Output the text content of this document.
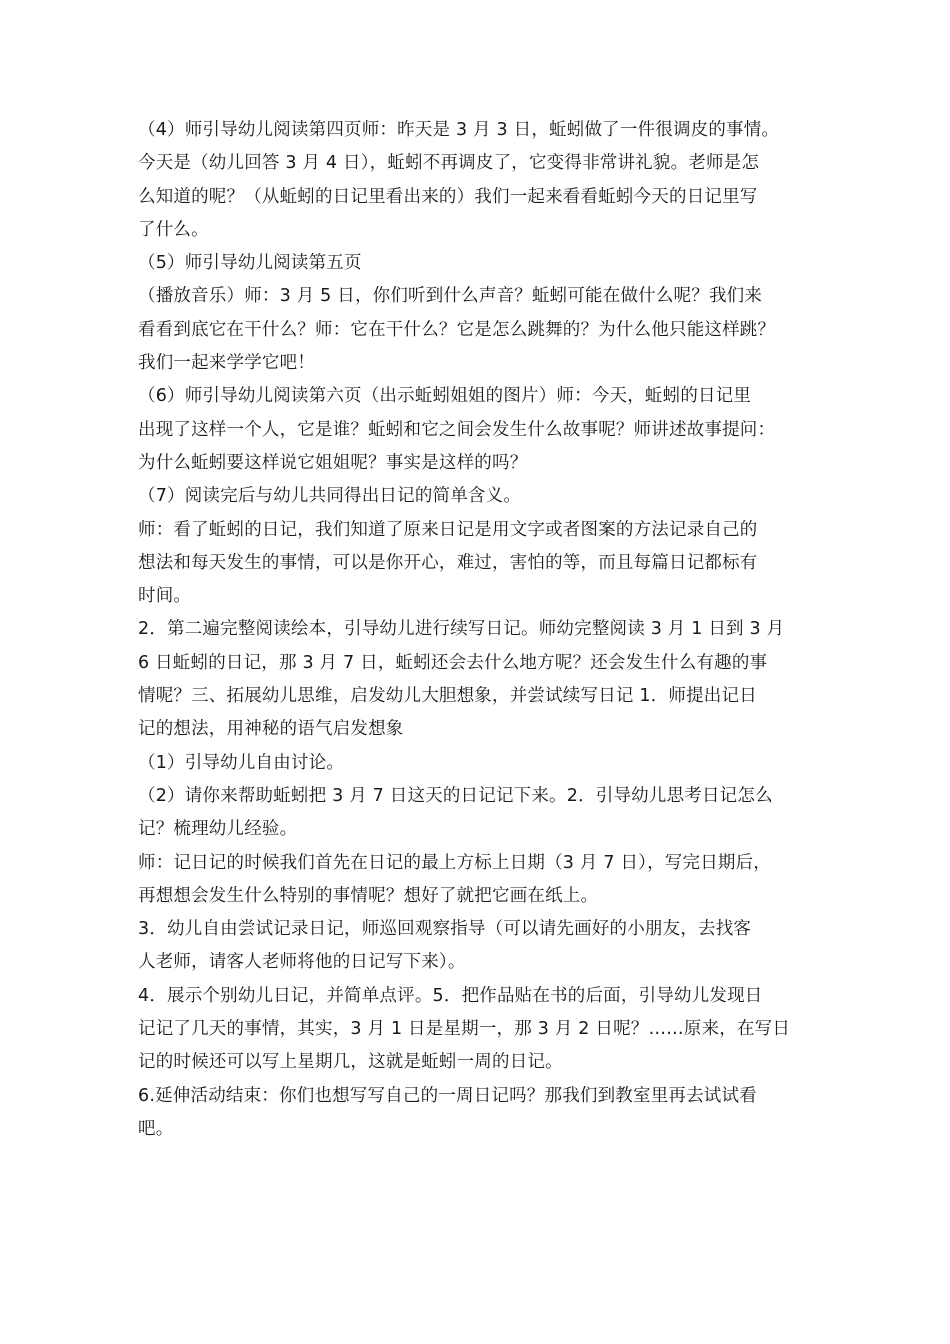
（4）师引导幼儿阅读第四页师：昨天是 3 月 3 日，蚯蚓做了一件很调皮的事情。
今天是（幼儿回答 3 月 4 日），蚯蚓不再调皮了，它变得非常讲礼貌。老师是怎
么知道的呢？（从蚯蚓的日记里看出来的）我们一起来看看蚯蚓今天的日记里写
了什么。
（5）师引导幼儿阅读第五页
（播放音乐）师：3 月 5 日，你们听到什么声音？蚯蚓可能在做什么呢？我们来
看看到底它在干什么？师：它在干什么？它是怎么跳舞的？为什么他只能这样跳？
我们一起来学学它吧！
（6）师引导幼儿阅读第六页（出示蚯蚓姐姐的图片）师：今天，蚯蚓的日记里
出现了这样一个人，它是谁？蚯蚓和它之间会发生什么故事呢？师讲述故事提问：
为什么蚯蚓要这样说它姐姐呢？事实是这样的吗？
（7）阅读完后与幼儿共同得出日记的简单含义。
师：看了蚯蚓的日记，我们知道了原来日记是用文字或者图案的方法记录自己的
想法和每天发生的事情，可以是你开心，难过，害怕的等，而且每篇日记都标有
时间。
2．第二遍完整阅读绘本，引导幼儿进行续写日记。师幼完整阅读 3 月 1 日到 3 月
6 日蚯蚓的日记，那 3 月 7 日，蚯蚓还会去什么地方呢？还会发生什么有趣的事
情呢？三、拓展幼儿思维，启发幼儿大胆想象，并尝试续写日记 1．师提出记日
记的想法，用神秘的语气启发想象
（1）引导幼儿自由讨论。
（2）请你来帮助蚯蚓把 3 月 7 日这天的日记记下来。2．引导幼儿思考日记怎么
记？梳理幼儿经验。
师：记日记的时候我们首先在日记的最上方标上日期（3 月 7 日），写完日期后，
再想想会发生什么特别的事情呢？想好了就把它画在纸上。
3．幼儿自由尝试记录日记，师巡回观察指导（可以请先画好的小朋友，去找客
人老师，请客人老师将他的日记写下来）。
4．展示个别幼儿日记，并简单点评。5．把作品贴在书的后面，引导幼儿发现日
记记了几天的事情，其实，3 月 1 日是星期一，那 3 月 2 日呢？……原来，在写日
记的时候还可以写上星期几，这就是蚯蚓一周的日记。
6.延伸活动结束：你们也想写写自己的一周日记吗？那我们到教室里再去试试看
吧。
